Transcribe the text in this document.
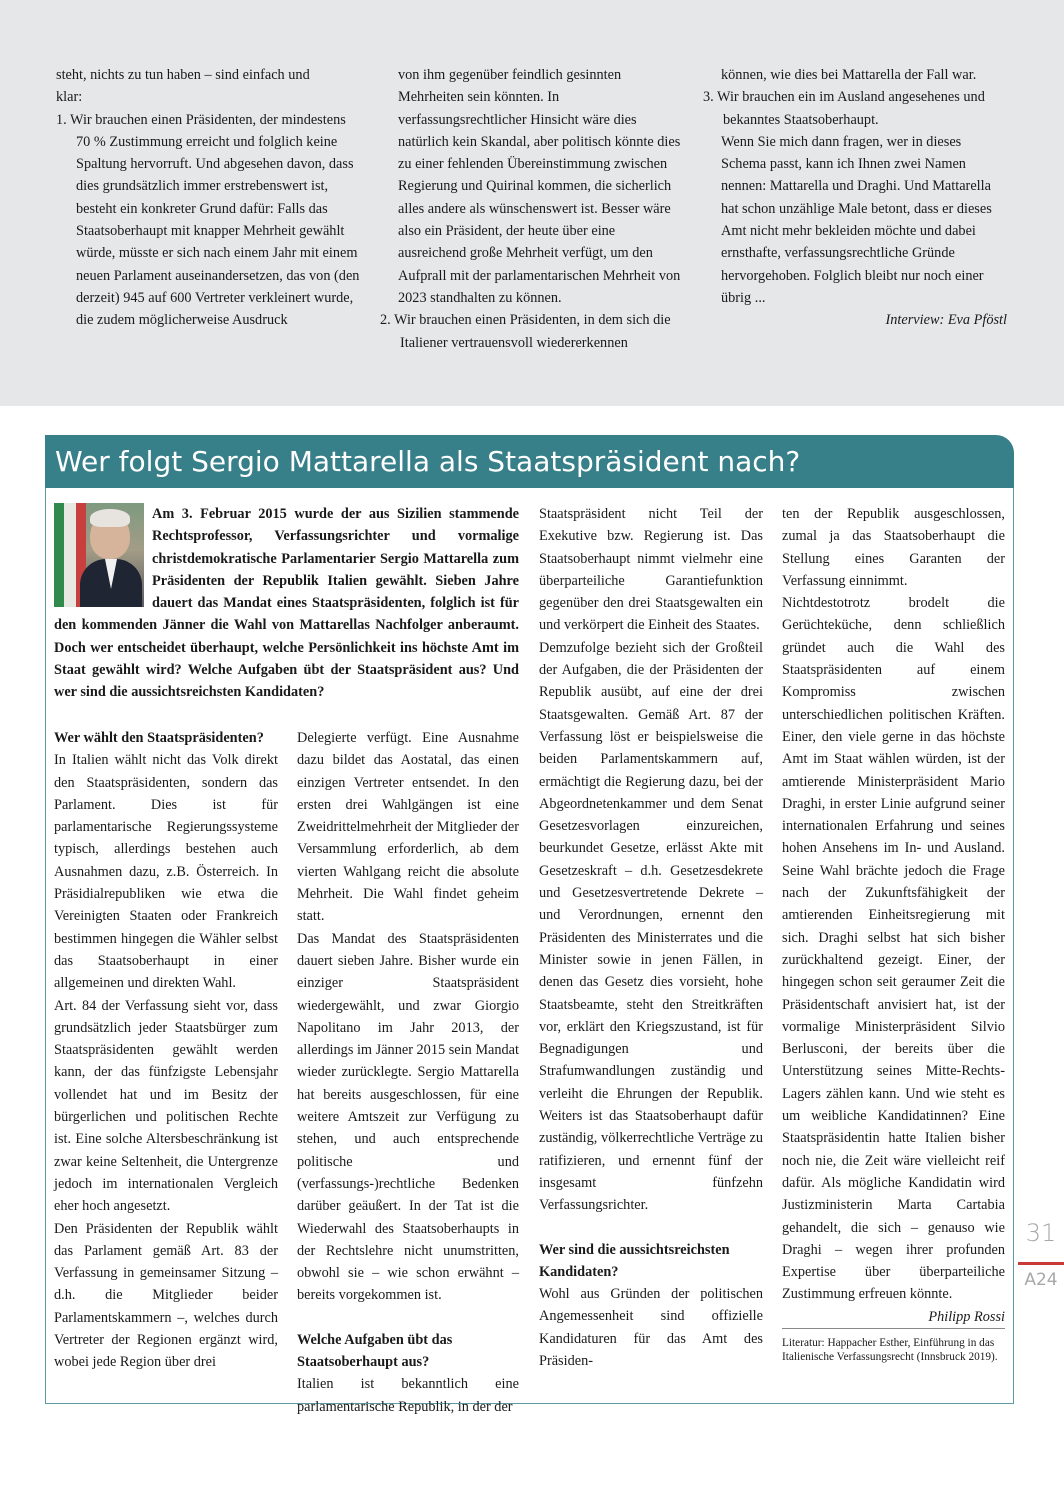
steht, nichts zu tun haben – sind einfach und

klar:

1. Wir brauchen einen Präsidenten, der mindestens 70 % Zustimmung erreicht und folglich keine Spaltung hervorruft. Und abgesehen davon, dass dies grundsätzlich immer erstrebenswert ist, besteht ein konkreter Grund dafür: Falls das Staatsoberhaupt mit knapper Mehrheit gewählt würde, müsste er sich nach einem Jahr mit einem neuen Parlament auseinandersetzen, das von (den derzeit) 945 auf 600 Vertreter verkleinert wurde, die zudem möglicherweise Ausdruck

von ihm gegenüber feindlich gesinnten Mehrheiten sein könnten. In verfassungsrechtlicher Hinsicht wäre dies natürlich kein Skandal, aber politisch könnte dies zu einer fehlenden Übereinstimmung zwischen Regierung und Quirinal kommen, die sicherlich alles andere als wünschenswert ist. Besser wäre also ein Präsident, der heute über eine ausreichend große Mehrheit verfügt, um den Aufprall mit der parlamentarischen Mehrheit von 2023 standhalten zu können.

2. Wir brauchen einen Präsidenten, in dem sich die Italiener vertrauensvoll wiedererkennen

können, wie dies bei Mattarella der Fall war.

3. Wir brauchen ein im Ausland angesehenes und bekanntes Staatsoberhaupt.

Wenn Sie mich dann fragen, wer in dieses Schema passt, kann ich Ihnen zwei Namen nennen: Mattarella und Draghi. Und Mattarella hat schon unzählige Male betont, dass er dieses Amt nicht mehr bekleiden möchte und dabei ernsthafte, verfassungsrechtliche Gründe hervorgehoben. Folglich bleibt nur noch einer übrig ...

Interview: Eva Pföstl

Wer folgt Sergio Mattarella als Staatspräsident nach?
Am 3. Februar 2015 wurde der aus Sizilien stammende Rechtsprofessor, Verfassungsrichter und vormalige christdemokratische Parlamentarier Sergio Mattarella zum Präsidenten der Republik Italien gewählt. Sieben Jahre dauert das Mandat eines Staatspräsidenten, folglich ist für den kommenden Jänner die Wahl von Mattarellas Nachfolger anberaumt. Doch wer entscheidet überhaupt, welche Persönlichkeit ins höchste Amt im Staat gewählt wird? Welche Aufgaben übt der Staatspräsident aus? Und wer sind die aussichtsreichsten Kandidaten?

Wer wählt den Staatspräsidenten?

In Italien wählt nicht das Volk direkt den Staatspräsidenten, sondern das Parlament. Dies ist für parlamentarische Regierungssysteme typisch, allerdings bestehen auch Ausnahmen dazu, z.B. Österreich. In Präsidialrepubliken wie etwa die Vereinigten Staaten oder Frankreich bestimmen hingegen die Wähler selbst das Staatsoberhaupt in einer allgemeinen und direkten Wahl.

Art. 84 der Verfassung sieht vor, dass grundsätzlich jeder Staatsbürger zum Staatspräsidenten gewählt werden kann, der das fünfzigste Lebensjahr vollendet hat und im Besitz der bürgerlichen und politischen Rechte ist. Eine solche Altersbeschränkung ist zwar keine Seltenheit, die Untergrenze jedoch im internationalen Vergleich eher hoch angesetzt.

Den Präsidenten der Republik wählt das Parlament gemäß Art. 83 der Verfassung in gemeinsamer Sitzung – d.h. die Mitglieder beider Parlamentskammern –, welches durch Vertreter der Regionen ergänzt wird, wobei jede Region über drei

Delegierte verfügt. Eine Ausnahme dazu bildet das Aostatal, das einen einzigen Vertreter entsendet. In den ersten drei Wahlgängen ist eine Zweidrittelmehrheit der Mitglieder der Versammlung erforderlich, ab dem vierten Wahlgang reicht die absolute Mehrheit. Die Wahl findet geheim statt.

Das Mandat des Staatspräsidenten dauert sieben Jahre. Bisher wurde ein einziger Staatspräsident wiedergewählt, und zwar Giorgio Napolitano im Jahr 2013, der allerdings im Jänner 2015 sein Mandat wieder zurücklegte. Sergio Mattarella hat bereits ausgeschlossen, für eine weitere Amtszeit zur Verfügung zu stehen, und auch entsprechende politische und (verfassungs-)rechtliche Bedenken darüber geäußert. In der Tat ist die Wiederwahl des Staatsoberhaupts in der Rechtslehre nicht unumstritten, obwohl sie – wie schon erwähnt – bereits vorgekommen ist.

Welche Aufgaben übt das Staatsoberhaupt aus?

Italien ist bekanntlich eine parlamentarische Republik, in der der

Staatspräsident nicht Teil der Exekutive bzw. Regierung ist. Das Staatsoberhaupt nimmt vielmehr eine überparteiliche Garantiefunktion gegenüber den drei Staatsgewalten ein und verkörpert die Einheit des Staates.

Demzufolge bezieht sich der Großteil der Aufgaben, die der Präsidenten der Republik ausübt, auf eine der drei Staatsgewalten. Gemäß Art. 87 der Verfassung löst er beispielsweise die beiden Parlamentskammern auf, ermächtigt die Regierung dazu, bei der Abgeordnetenkammer und dem Senat Gesetzesvorlagen einzureichen, beurkundet Gesetze, erlässt Akte mit Gesetzeskraft – d.h. Gesetzesdekrete und Gesetzesvertretende Dekrete – und Verordnungen, ernennt den Präsidenten des Ministerrates und die Minister sowie in jenen Fällen, in denen das Gesetz dies vorsieht, hohe Staatsbeamte, steht den Streitkräften vor, erklärt den Kriegszustand, ist für Begnadigungen und Strafumwandlungen zuständig und verleiht die Ehrungen der Republik. Weiters ist das Staatsoberhaupt dafür zuständig, völkerrechtliche Verträge zu ratifizieren, und ernennt fünf der insgesamt fünfzehn Verfassungsrichter.

Wer sind die aussichtsreichsten Kandidaten?

Wohl aus Gründen der politischen Angemessenheit sind offizielle Kandidaturen für das Amt des Präsiden-

ten der Republik ausgeschlossen, zumal ja das Staatsoberhaupt die Stellung eines Garanten der Verfassung einnimmt.

Nichtdestotrotz brodelt die Gerüchteküche, denn schließlich gründet auch die Wahl des Staatspräsidenten auf einem Kompromiss zwischen unterschiedlichen politischen Kräften. Einer, den viele gerne in das höchste Amt im Staat wählen würden, ist der amtierende Ministerpräsident Mario Draghi, in erster Linie aufgrund seiner internationalen Erfahrung und seines hohen Ansehens im In- und Ausland. Seine Wahl brächte jedoch die Frage nach der Zukunftsfähigkeit der amtierenden Einheitsregierung mit sich. Draghi selbst hat sich bisher zurückhaltend gezeigt. Einer, der hingegen schon seit geraumer Zeit die Präsidentschaft anvisiert hat, ist der vormalige Ministerpräsident Silvio Berlusconi, der bereits über die Unterstützung seines Mitte-Rechts-Lagers zählen kann. Und wie steht es um weibliche Kandidatinnen? Eine Staatspräsidentin hatte Italien bisher noch nie, die Zeit wäre vielleicht reif dafür. Als mögliche Kandidatin wird Justizministerin Marta Cartabia gehandelt, die sich – genauso wie Draghi – wegen ihrer profunden Expertise über überparteiliche Zustimmung erfreuen könnte.

Philipp Rossi

Literatur: Happacher Esther, Einführung in das Italienische Verfassungsrecht (Innsbruck 2019).

31
A24
